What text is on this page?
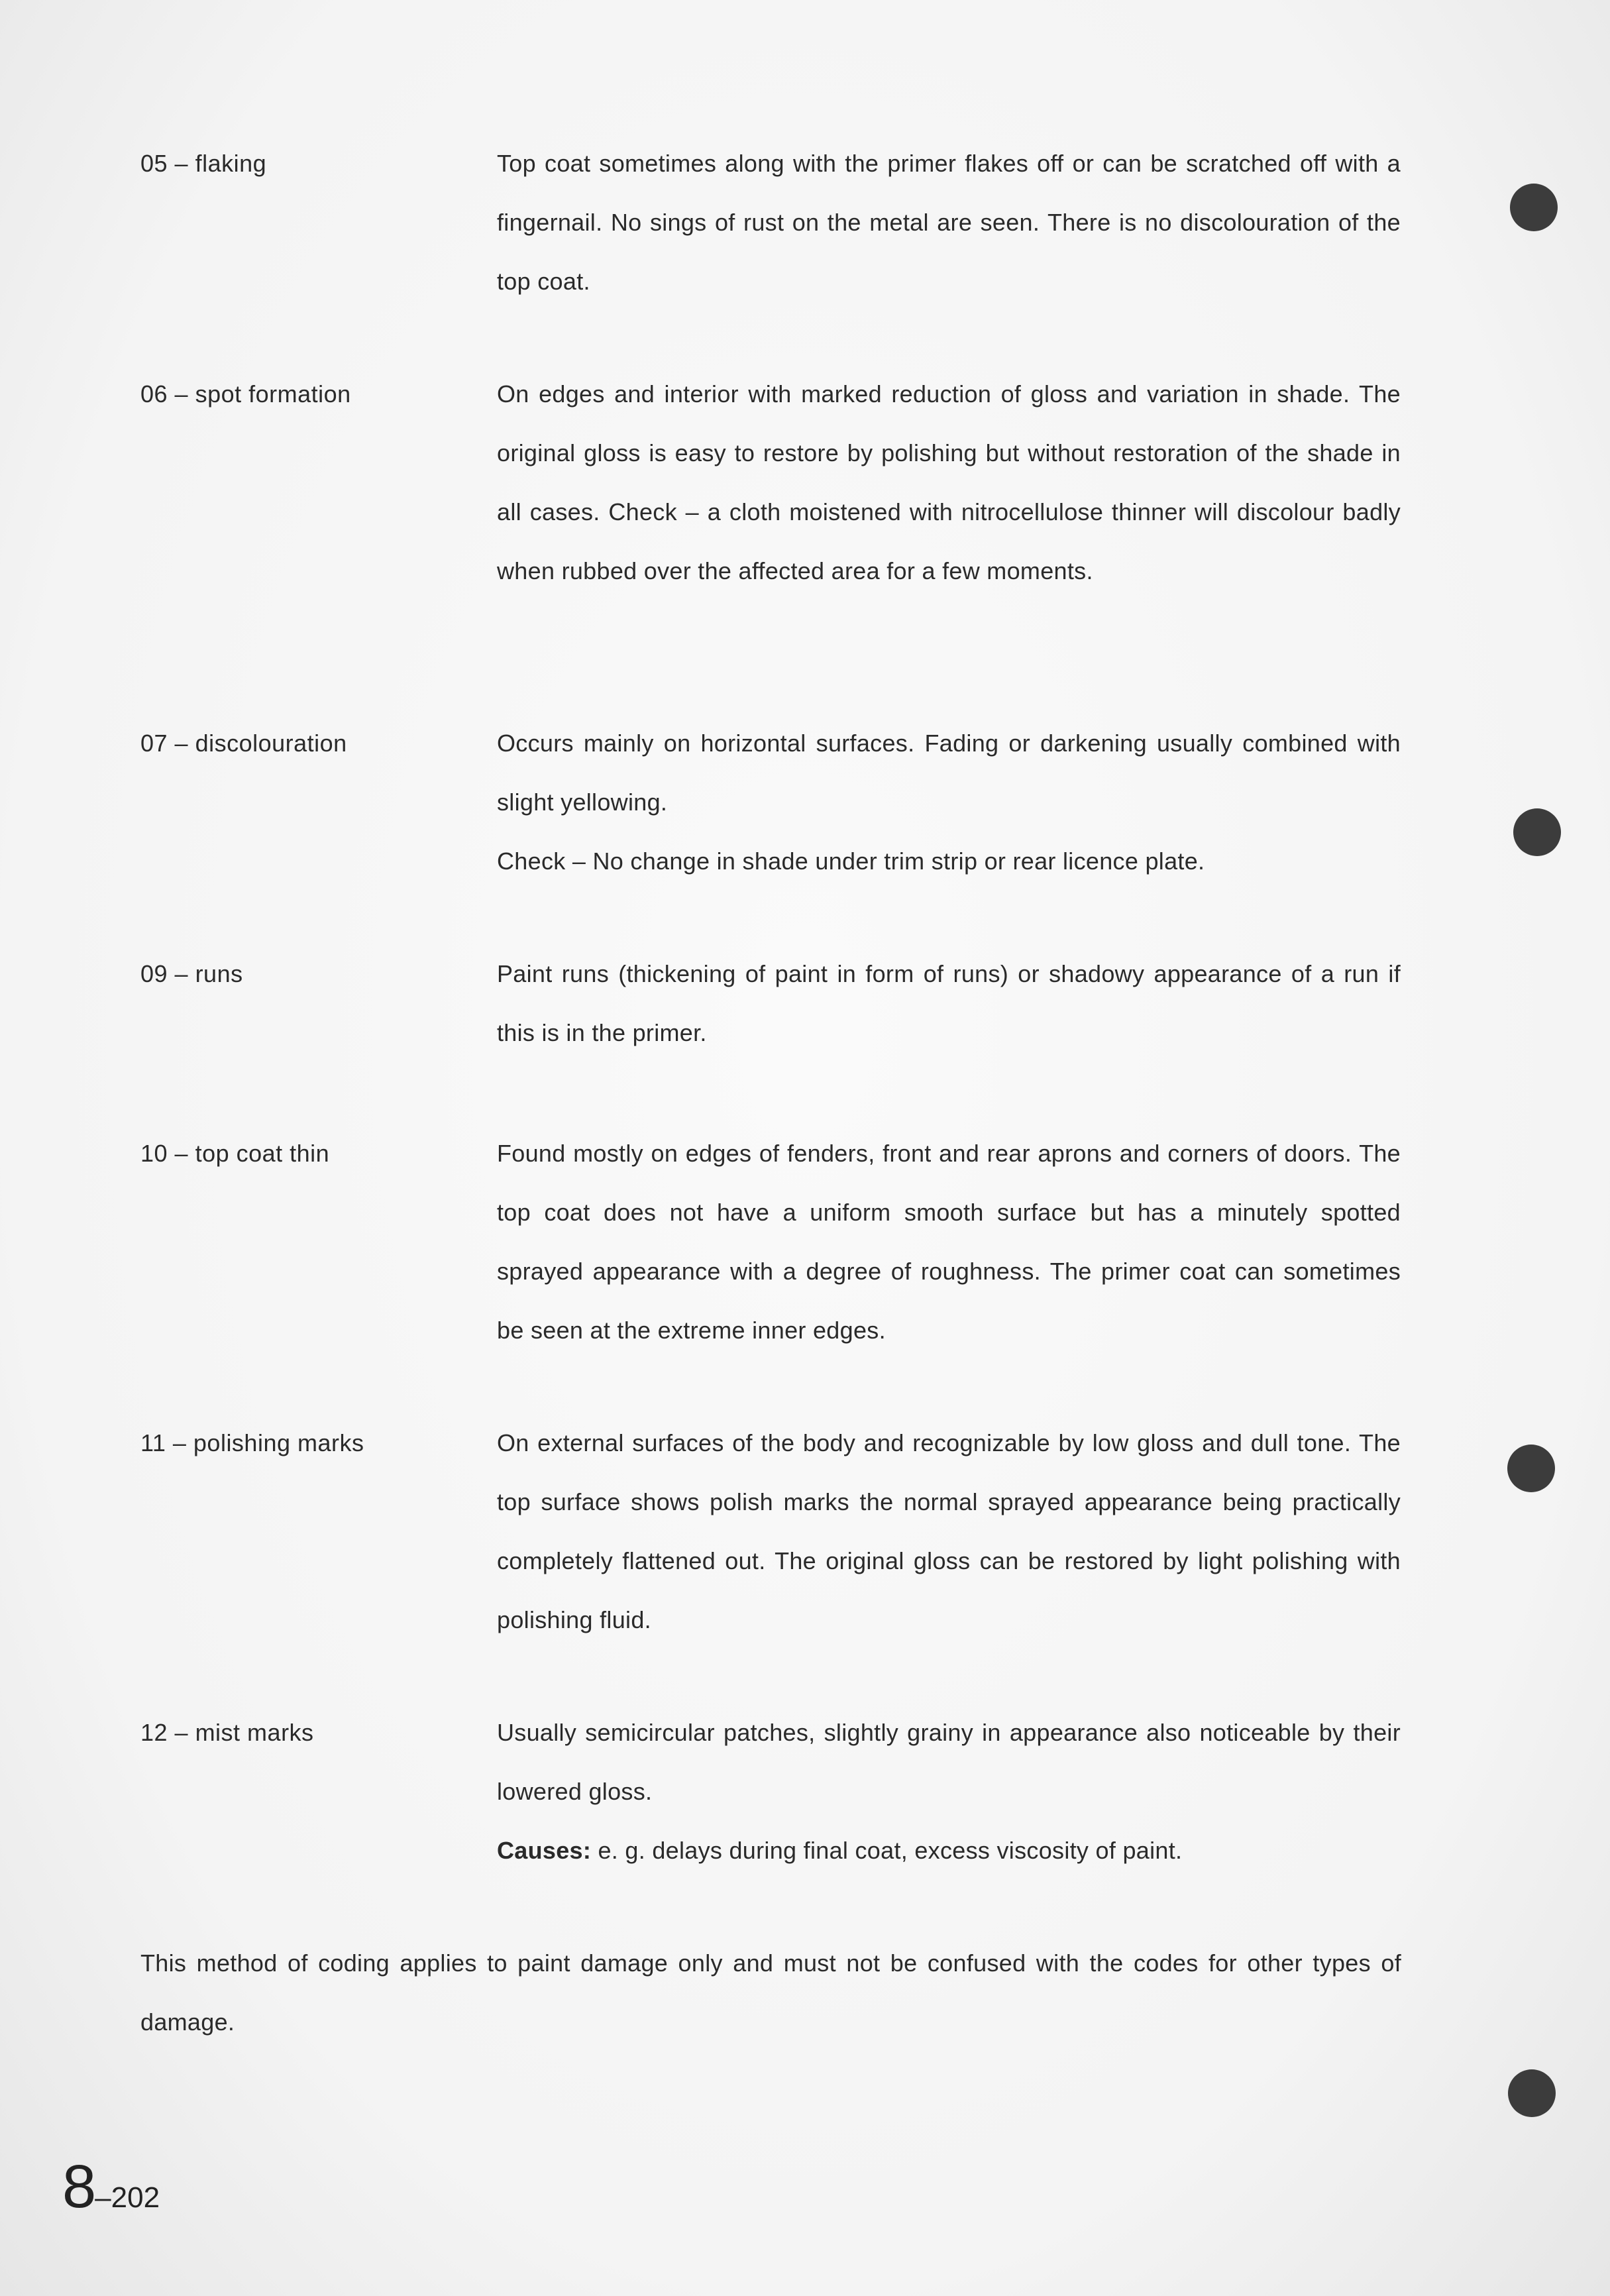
05 – flaking	Top coat sometimes along with the primer flakes off or can be scratched off with a fingernail. No sings of rust on the metal are seen. There is no discolouration of the top coat.

06 – spot formation	On edges and interior with marked reduction of gloss and variation in shade. The original gloss is easy to restore by polishing but without restoration of the shade in all cases. Check – a cloth moistened with nitrocellulose thinner will discolour badly when rubbed over the affected area for a few moments.

07 – discolouration	Occurs mainly on horizontal surfaces. Fading or darkening usually combined with slight yellowing.

Check – No change in shade under trim strip or rear licence plate.

09 – runs	Paint runs (thickening of paint in form of runs) or shadowy appearance of a run if this is in the primer.

10 – top coat thin	Found mostly on edges of fenders, front and rear aprons and corners of doors. The top coat does not have a uniform smooth surface but has a minutely spotted sprayed appearance with a degree of roughness. The primer coat can sometimes be seen at the extreme inner edges.

11 – polishing marks	On external surfaces of the body and recognizable by low gloss and dull tone. The top surface shows polish marks the normal sprayed appearance being practically completely flattened out. The original gloss can be restored by light polishing with polishing fluid.

12 – mist marks	Usually semicircular patches, slightly grainy in appearance also noticeable by their lowered gloss.

Causes: e. g. delays during final coat, excess viscosity of paint.

This method of coding applies to paint damage only and must not be confused with the codes for other types of damage.
8–202
